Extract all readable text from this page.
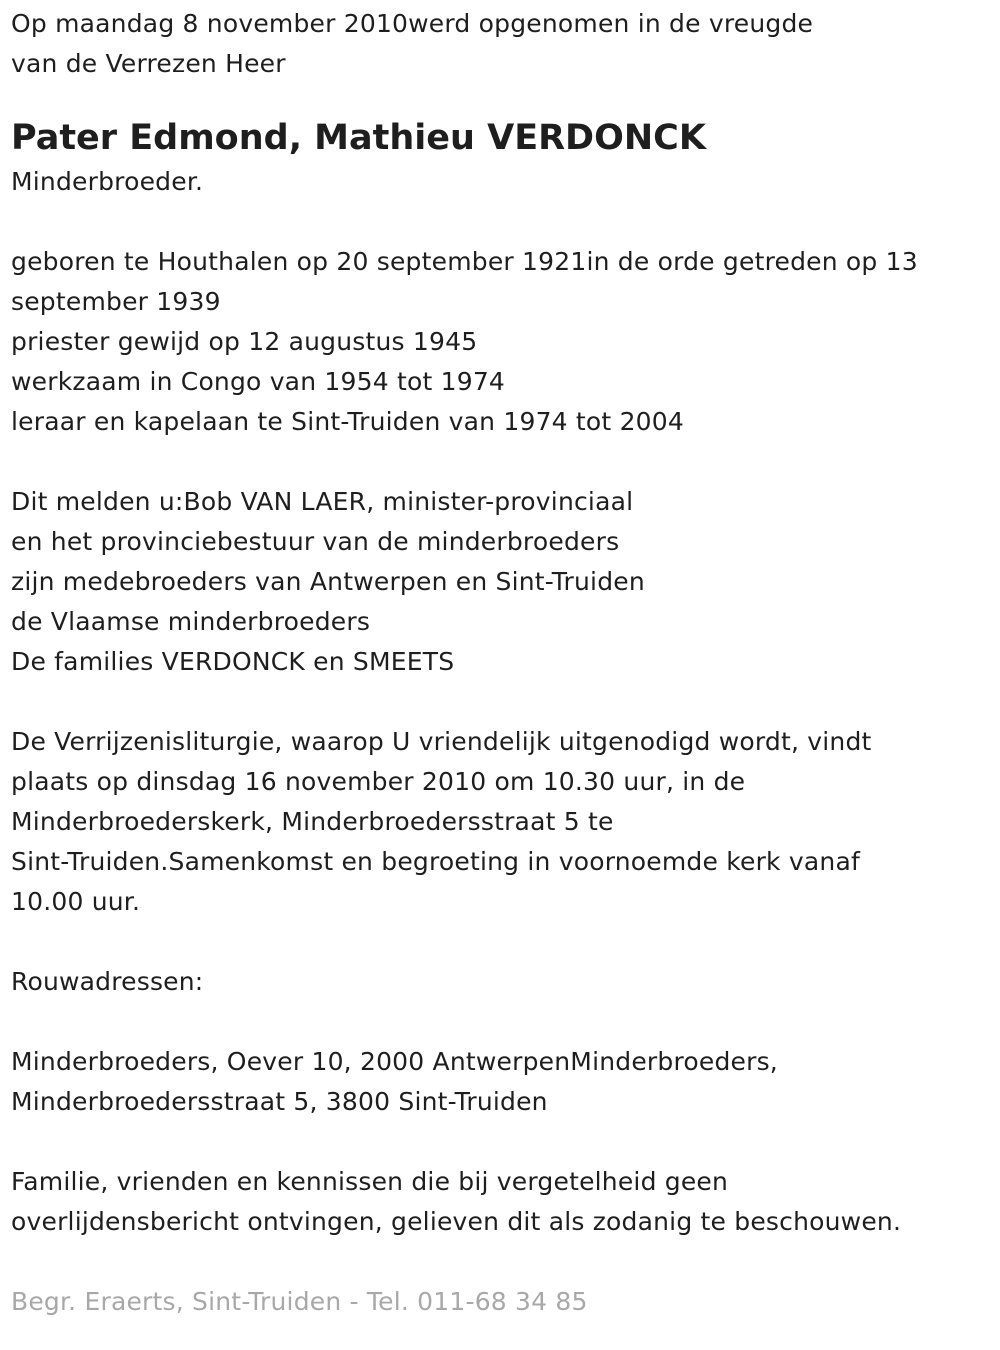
Op maandag 8 november 2010werd opgenomen in de vreugde
van de Verrezen Heer
Pater Edmond, Mathieu VERDONCK
Minderbroeder.
geboren te Houthalen op 20 september 1921in de orde getreden op 13
september 1939
priester gewijd op 12 augustus 1945
werkzaam in Congo van 1954 tot 1974
leraar en kapelaan te Sint-Truiden van 1974 tot 2004
Dit melden u:Bob VAN LAER, minister-provinciaal
en het provinciebestuur van de minderbroeders
zijn medebroeders van Antwerpen en Sint-Truiden
de Vlaamse minderbroeders
De families VERDONCK en SMEETS
De Verrijzenisliturgie, waarop U vriendelijk uitgenodigd wordt, vindt
plaats op dinsdag 16 november 2010 om 10.30 uur, in de
Minderbroederskerk, Minderbroedersstraat 5 te
Sint-Truiden.Samenkomst en begroeting in voornoemde kerk vanaf
10.00 uur.
Rouwadressen:
Minderbroeders, Oever 10, 2000 AntwerpenMinderbroeders,
Minderbroedersstraat 5, 3800 Sint-Truiden
Familie, vrienden en kennissen die bij vergetelheid geen
overlijdensbericht ontvingen, gelieven dit als zodanig te beschouwen.
Begr. Eraerts, Sint-Truiden - Tel. 011-68 34 85
